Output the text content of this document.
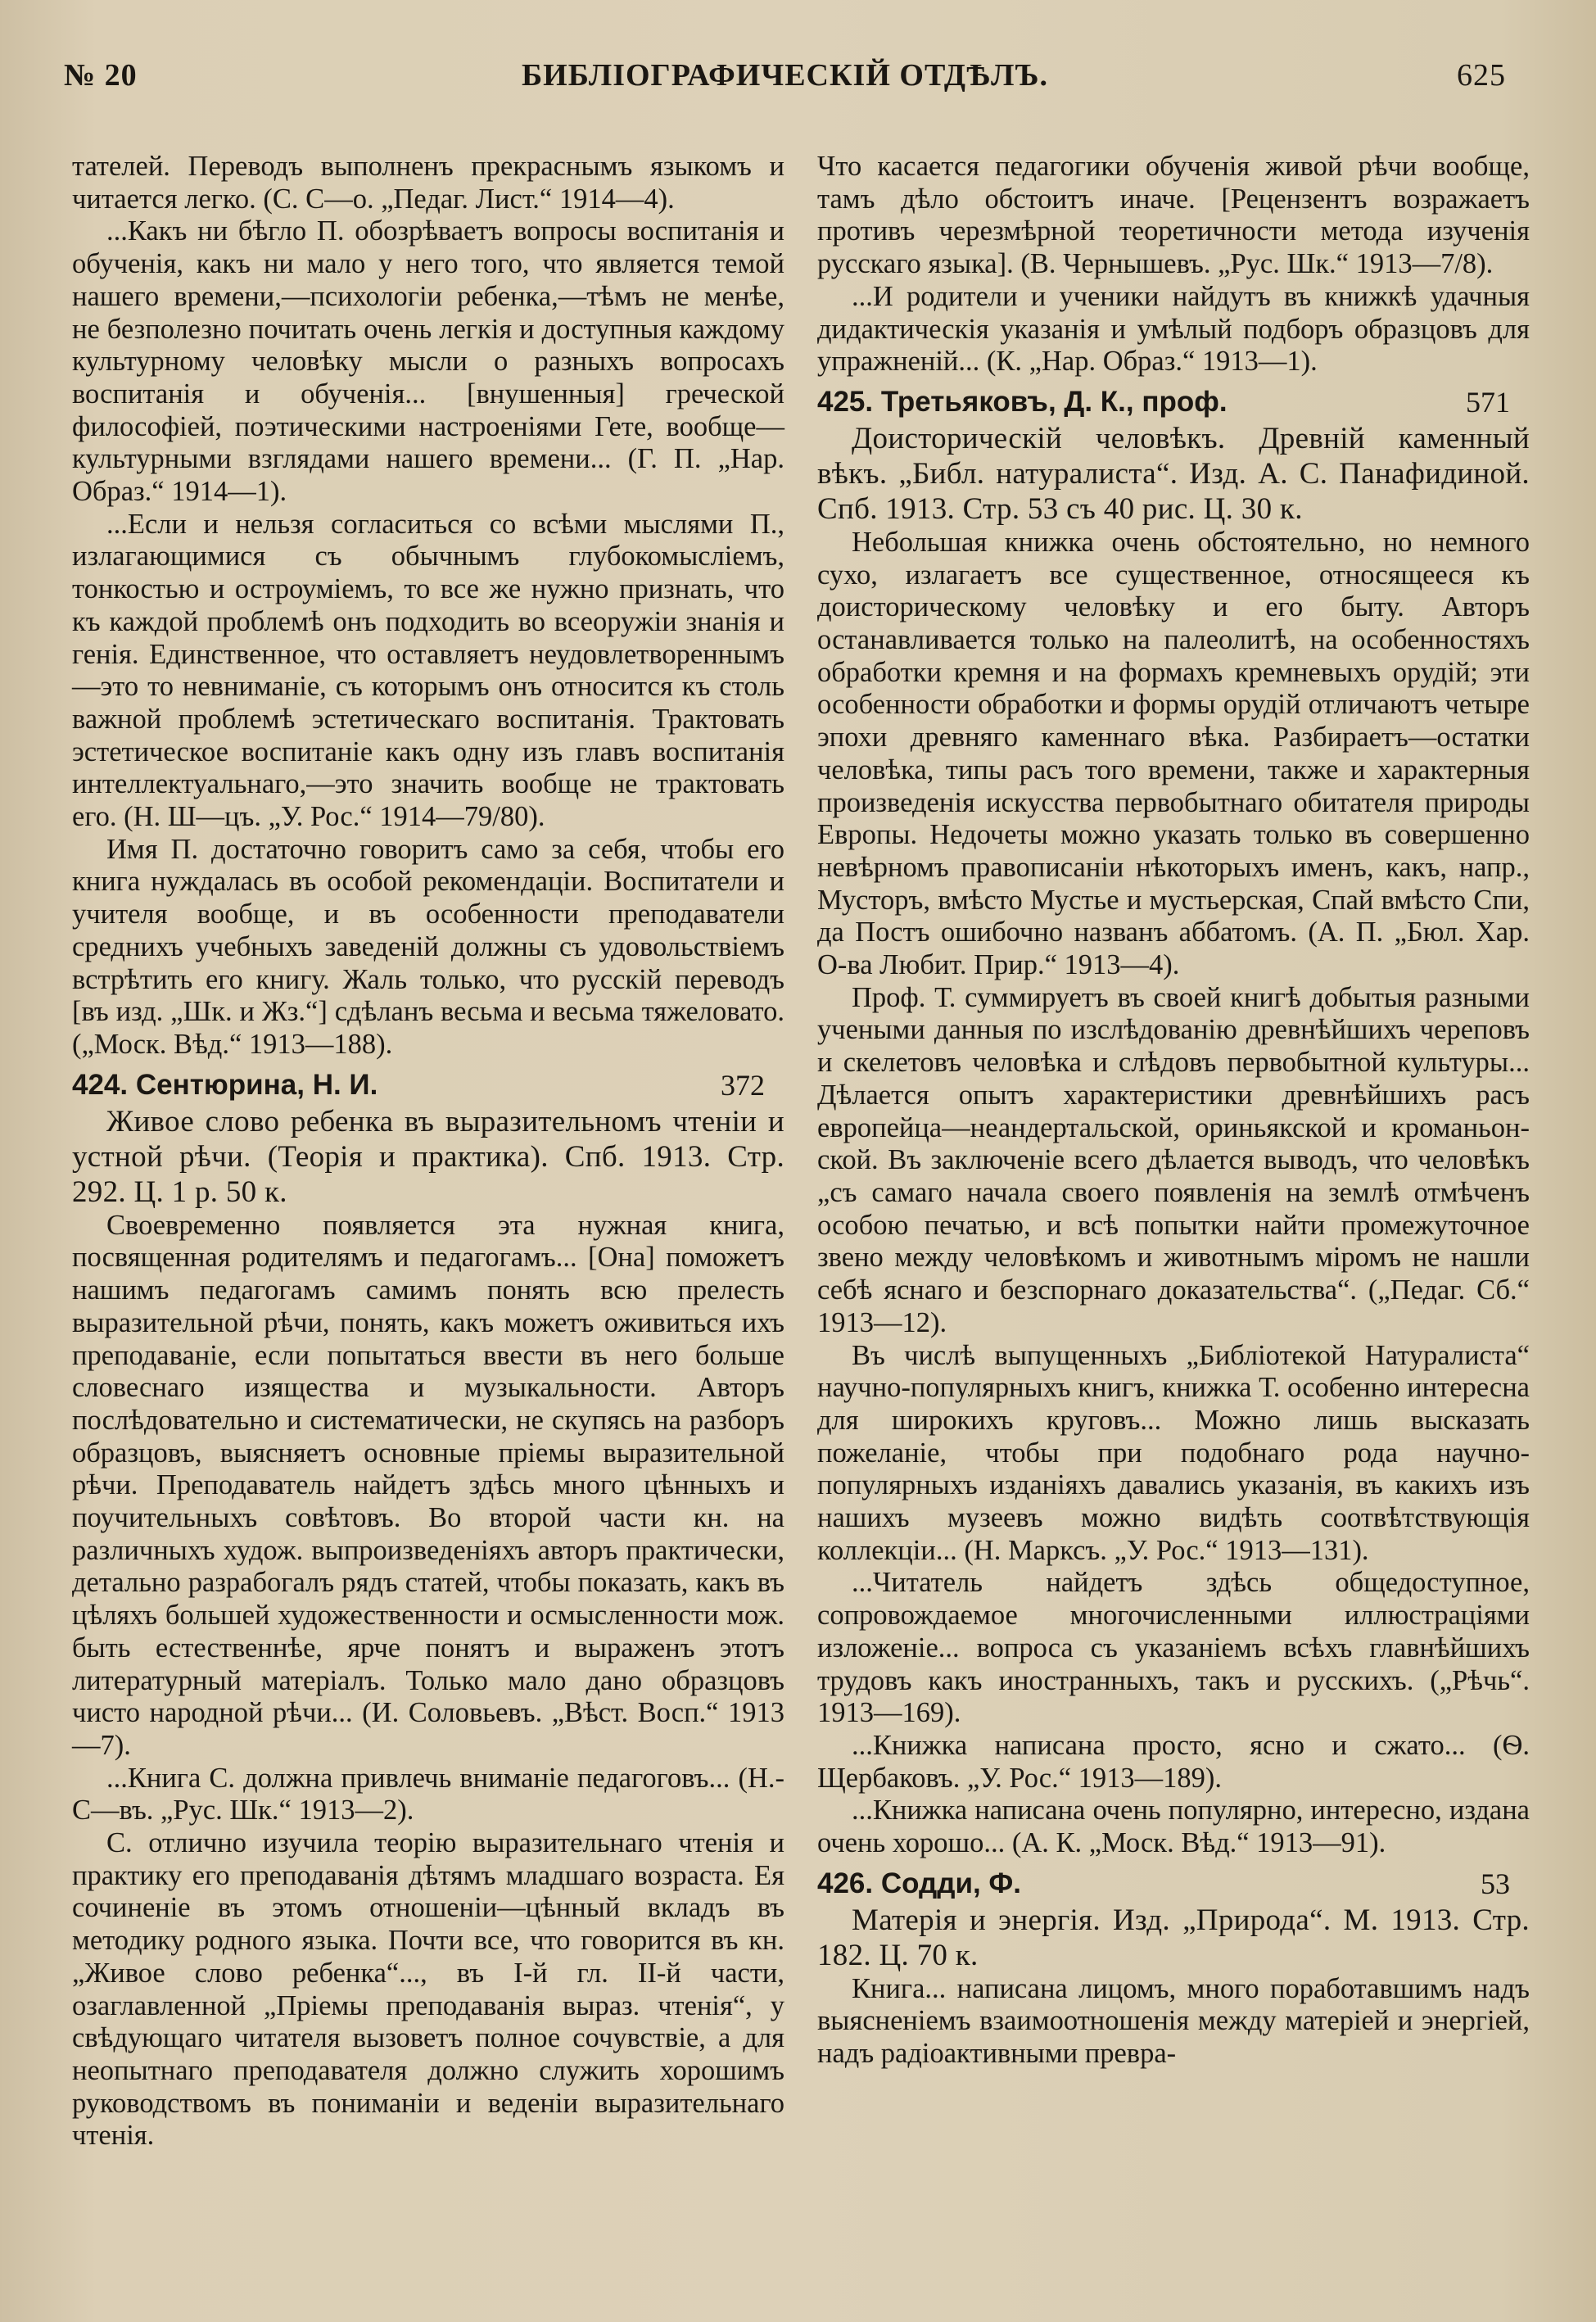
№ 20	БИБЛІОГРАФИЧЕСКІЙ ОТДѢЛЪ.	625

тателей. Переводъ выполненъ прекраснымъ языкомъ и читается легко. (С. С—о. „Педаг. Лист.“ 1914—4).

...Какъ ни бѣгло П. обозрѣваетъ вопросы воспитанія и обученія, какъ ни мало у него того, что является темой нашего времени,—психологіи ребенка,—тѣмъ не менѣе, не безполезно почитать очень легкія и доступныя каждому культурному человѣку мысли о разныхъ вопросахъ воспитанія и обученія... [внушенныя] греческой философіей, поэтическими настроеніями Гете, вообще—культурными взглядами нашего времени... (Г. П. „Нар. Образ.“ 1914—1).

...Если и нельзя согласиться со всѣми мыслями П., излагающимися съ обычнымъ глубокомысліемъ, тонкостью и остроуміемъ, то все же нужно признать, что къ каждой проблемѣ онъ подходить во всеоружіи знанія и генія. Единственное, что оставляетъ неудовлетвореннымъ—это то невниманіе, съ которымъ онъ относится къ столь важной проблемѣ эстетическаго воспитанія. Трактовать эстетическое воспитаніе какъ одну изъ главъ воспитанія интеллектуальнаго,—это значить вообще не трактовать его. (Н. Ш—цъ. „У. Рос.“ 1914—79/80).

Имя П. достаточно говоритъ само за себя, чтобы его книга нуждалась въ особой рекомендаціи. Воспитатели и учителя вообще, и въ особенности преподаватели среднихъ учебныхъ заведеній должны съ удовольствіемъ встрѣтить его книгу. Жаль только, что русскій переводъ [въ изд. „Шк. и Жз.“] сдѣланъ весьма и весьма тяжеловато. („Моск. Вѣд.“ 1913—188).

424. Сентюрина, Н. И.	372

Живое слово ребенка въ выразительномъ чтеніи и устной рѣчи. (Теорія и практика). Спб. 1913. Стр. 292. Ц. 1 р. 50 к.

Своевременно появляется эта нужная книга, посвященная родителямъ и педагогамъ... [Она] поможетъ нашимъ педагогамъ самимъ понять всю прелесть выразительной рѣчи, понять, какъ можетъ оживиться ихъ преподаваніе, если попытаться ввести въ него больше словеснаго изящества и музыкальности. Авторъ послѣдовательно и систематически, не скупясь на разборъ образцовъ, выясняетъ основные пріемы выразительной рѣчи. Преподаватель найдетъ здѣсь много цѣнныхъ и поучительныхъ совѣтовъ. Во второй части кн. на различныхъ худож. выпроизведеніяхъ авторъ практически, детально разрабогалъ рядъ статей, чтобы показать, какъ въ цѣляхъ большей художественности и осмысленности мож. быть естественнѣе, ярче понятъ и выраженъ этотъ литературный матеріалъ. Только мало дано образцовъ чисто народной рѣчи... (И. Соловьевъ. „Вѣст. Восп.“ 1913—7).

...Книга С. должна привлечь вниманіе педагоговъ... (Н.-С—въ. „Рус. Шк.“ 1913—2).

С. отлично изучила теорію выразительнаго чтенія и практику его преподаванія дѣтямъ младшаго возраста. Ея сочиненіе въ этомъ отношеніи—цѣнный вкладъ въ методику родного языка. Почти все, что говорится въ кн. „Живое слово ребенка“..., въ І-й гл. ІІ-й части, озаглавленной „Пріемы преподаванія выраз. чтенія“, у свѣдующаго читателя вызоветъ полное сочувствіе, а для неопытнаго преподавателя должно служить хорошимъ руководствомъ въ пониманіи и веденіи выразительнаго чтенія.

Что касается педагогики обученія живой рѣчи вообще, тамъ дѣло обстоитъ иначе. [Рецензентъ возражаетъ противъ черезмѣрной теоретичности метода изученія русскаго языка]. (В. Чернышевъ. „Рус. Шк.“ 1913—7/8).

...И родители и ученики найдутъ въ книжкѣ удачныя дидактическія указанія и умѣлый подборъ образцовъ для упражненій... (К. „Нар. Образ.“ 1913—1).

425. Третьяковъ, Д. К., проф.	571

Доисторическій человѣкъ. Древній каменный вѣкъ. „Библ. натуралиста“. Изд. А. С. Панафидиной. Спб. 1913. Стр. 53 съ 40 рис. Ц. 30 к.

Небольшая книжка очень обстоятельно, но немного сухо, излагаетъ все существенное, относящееся къ доисторическому человѣку и его быту. Авторъ останавливается только на палеолитѣ, на особенностяхъ обработки кремня и на формахъ кремневыхъ орудій; эти особенности обработки и формы орудій отличаютъ четыре эпохи древняго каменнаго вѣка. Разбираетъ—остатки человѣка, типы расъ того времени, также и характерныя произведенія искусства первобытнаго обитателя природы Европы. Недочеты можно указать только въ совершенно невѣрномъ правописаніи нѣкоторыхъ именъ, какъ, напр., Мусторъ, вмѣсто Мустье и мустьерская, Спай вмѣсто Спи, да Постъ ошибочно названъ аббатомъ. (А. П. „Бюл. Хар. О-ва Любит. Прир.“ 1913—4).

Проф. Т. суммируетъ въ своей книгѣ добытыя разными учеными данныя по изслѣдованію древнѣйшихъ череповъ и скелетовъ человѣка и слѣдовъ первобытной культуры... Дѣлается опытъ характеристики древнѣйшихъ расъ европейца—неандертальской, ориньякской и кроманьонской. Въ заключеніе всего дѣлается выводъ, что человѣкъ „съ самаго начала своего появленія на землѣ отмѣченъ особою печатью, и всѣ попытки найти промежуточное звено между человѣкомъ и животнымъ міромъ не нашли себѣ яснаго и безспорнаго доказательства“. („Педаг. Сб.“ 1913—12).

Въ числѣ выпущенныхъ „Библіотекой Натуралиста“ научно-популярныхъ книгъ, книжка Т. особенно интересна для широкихъ круговъ... Можно лишь высказать пожеланіе, чтобы при подобнаго рода научно-популярныхъ изданіяхъ давались указанія, въ какихъ изъ нашихъ музеевъ можно видѣть соотвѣтствующія коллекціи... (Н. Марксъ. „У. Рос.“ 1913—131).

...Читатель найдетъ здѣсь общедоступное, сопровождаемое многочисленными иллюстраціями изложеніе... вопроса съ указаніемъ всѣхъ главнѣйшихъ трудовъ какъ иностранныхъ, такъ и русскихъ. („Рѣчь“. 1913—169).

...Книжка написана просто, ясно и сжато... (Ѳ. Щербаковъ. „У. Рос.“ 1913—189).

...Книжка написана очень популярно, интересно, издана очень хорошо... (А. К. „Моск. Вѣд.“ 1913—91).

426. Содди, Ф.	53

Матерія и энергія. Изд. „Природа“. М. 1913. Стр. 182. Ц. 70 к.

Книга... написана лицомъ, много поработавшимъ надъ выясненіемъ взаимоотношенія между матеріей и энергіей, надъ радіоактивными превра-
